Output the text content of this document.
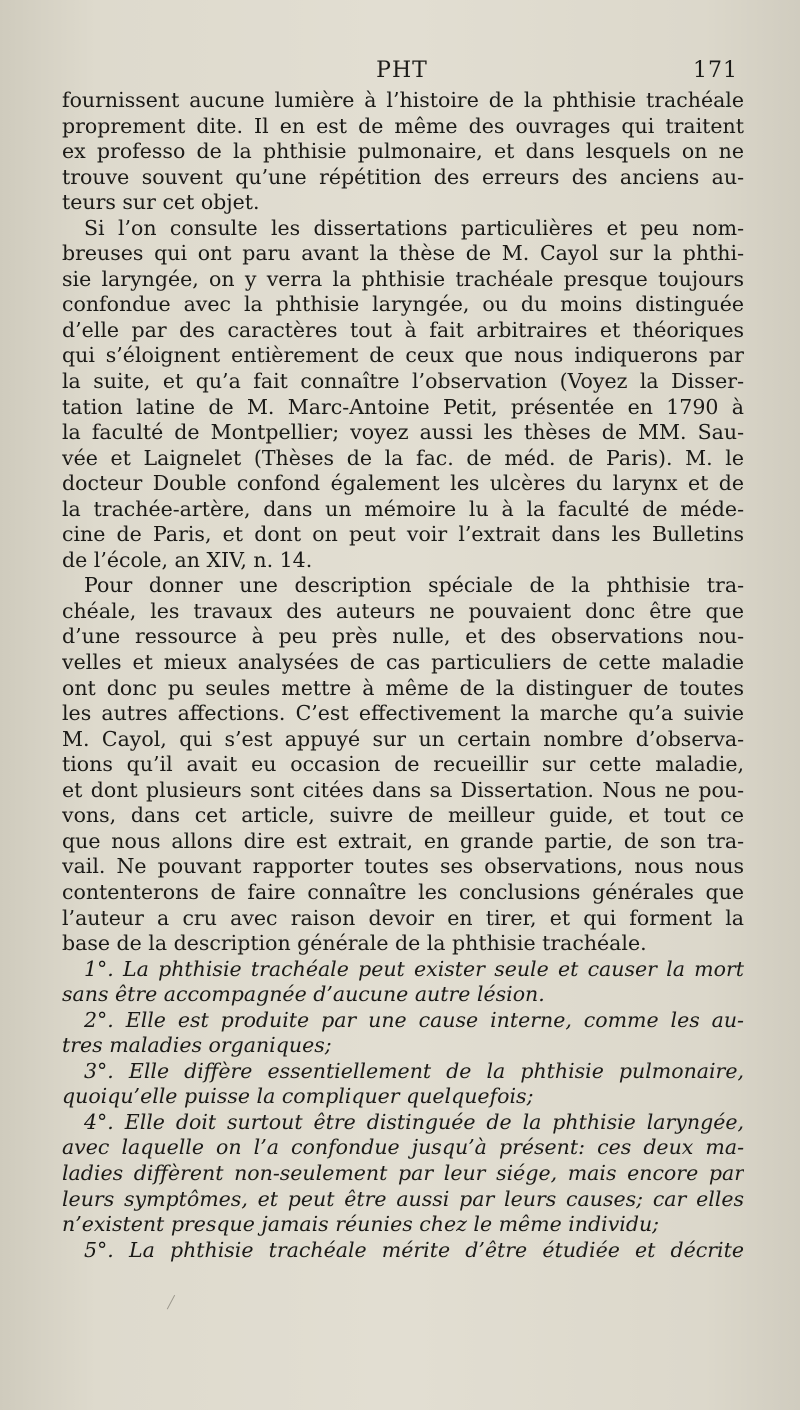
PHT	171
fournissent aucune lumière à l’histoire de la phthisie trachéale
proprement dite. Il en est de même des ouvrages qui traitent
ex professo de la phthisie pulmonaire, et dans lesquels on ne
trouve souvent qu’une répétition des erreurs des anciens au-
teurs sur cet objet.
Si l’on consulte les dissertations particulières et peu nom-
breuses qui ont paru avant la thèse de M. Cayol sur la phthi-
sie laryngée, on y verra la phthisie trachéale presque toujours
confondue avec la phthisie laryngée, ou du moins distinguée
d’elle par des caractères tout à fait arbitraires et théoriques
qui s’éloignent entièrement de ceux que nous indiquerons par
la suite, et qu’a fait connaître l’observation (Voyez la Disser-
tation latine de M. Marc-Antoine Petit, présentée en 1790 à
la faculté de Montpellier; voyez aussi les thèses de MM. Sau-
vée et Laignelet (Thèses de la fac. de méd. de Paris). M. le
docteur Double confond également les ulcères du larynx et de
la trachée-artère, dans un mémoire lu à la faculté de méde-
cine de Paris, et dont on peut voir l’extrait dans les Bulletins
de l’école, an XIV, n. 14.
Pour donner une description spéciale de la phthisie tra-
chéale, les travaux des auteurs ne pouvaient donc être que
d’une ressource à peu près nulle, et des observations nou-
velles et mieux analysées de cas particuliers de cette maladie
ont donc pu seules mettre à même de la distinguer de toutes
les autres affections. C’est effectivement la marche qu’a suivie
M. Cayol, qui s’est appuyé sur un certain nombre d’observa-
tions qu’il avait eu occasion de recueillir sur cette maladie,
et dont plusieurs sont citées dans sa Dissertation. Nous ne pou-
vons, dans cet article, suivre de meilleur guide, et tout ce
que nous allons dire est extrait, en grande partie, de son tra-
vail. Ne pouvant rapporter toutes ses observations, nous nous
contenterons de faire connaître les conclusions générales que
l’auteur a cru avec raison devoir en tirer, et qui forment la
base de la description générale de la phthisie trachéale.
1°. La phthisie trachéale peut exister seule et causer la mort
sans être accompagnée d’aucune autre lésion.
2°. Elle est produite par une cause interne, comme les au-
tres maladies organiques;
3°. Elle diffère essentiellement de la phthisie pulmonaire,
quoiqu’elle puisse la compliquer quelquefois;
4°. Elle doit surtout être distinguée de la phthisie laryngée,
avec laquelle on l’a confondue jusqu’à présent: ces deux ma-
ladies diffèrent non-seulement par leur siége, mais encore par
leurs symptômes, et peut être aussi par leurs causes; car elles
n’existent presque jamais réunies chez le même individu;
5°. La phthisie trachéale mérite d’être étudiée et décrite
